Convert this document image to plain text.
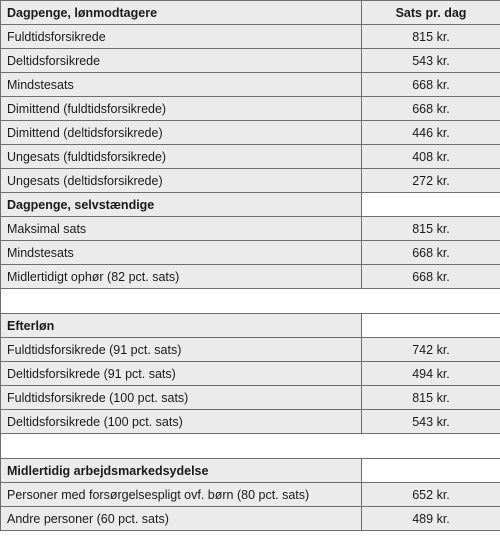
Dagpenge, lønmodtagere	Sats pr. dag
Fuldtidsforsikrede	815 kr.
Deltidsforsikrede	543 kr.
Mindstesats	668 kr.
Dimittend (fuldtidsforsikrede)	668 kr.
Dimittend (deltidsforsikrede)	446 kr.
Ungesats (fuldtidsforsikrede)	408 kr.
Ungesats (deltidsforsikrede)	272 kr.
Dagpenge, selvstændige	
Maksimal sats	815 kr.
Mindstesats	668 kr.
Midlertidigt ophør (82 pct. sats)	668 kr.

Efterløn	
Fuldtidsforsikrede (91 pct. sats)	742 kr.
Deltidsforsikrede (91 pct. sats)	494 kr.
Fuldtidsforsikrede (100 pct. sats)	815 kr.
Deltidsforsikrede (100 pct. sats)	543 kr.

Midlertidig arbejdsmarkedsydelse	
Personer med forsørgelsespligt ovf. børn (80 pct. sats)	652 kr.
Andre personer (60 pct. sats)	489 kr.
